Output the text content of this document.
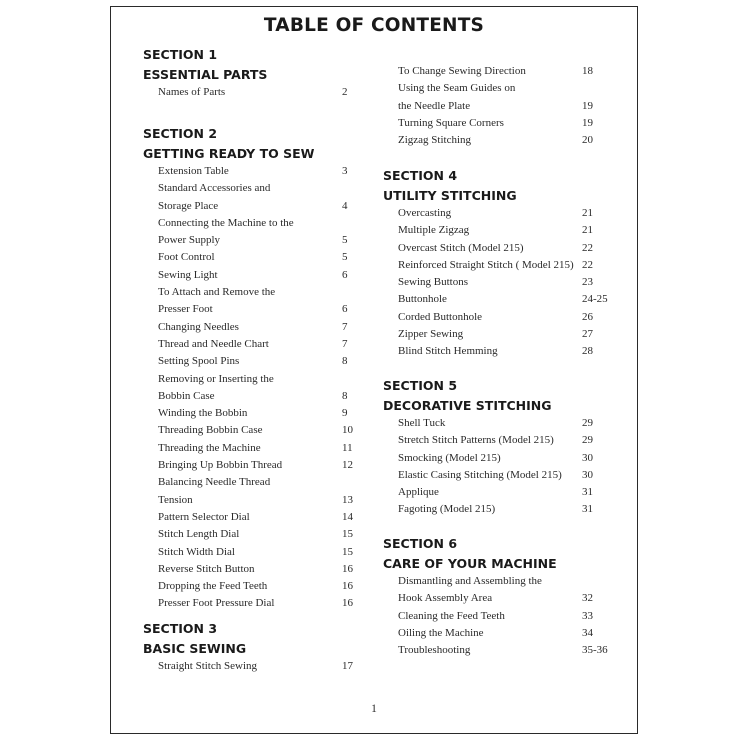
TABLE OF CONTENTS
SECTION 1
ESSENTIAL PARTS
Names of Parts	2
SECTION 2
GETTING READY TO SEW
Extension Table	3
Standard Accessories and
Storage Place	4
Connecting the Machine to the
Power Supply	5
Foot Control	5
Sewing Light	6
To Attach and Remove the
Presser Foot	6
Changing Needles	7
Thread and Needle Chart	7
Setting Spool Pins	8
Removing or Inserting the
Bobbin Case	8
Winding the Bobbin	9
Threading Bobbin Case	10
Threading the Machine	11
Bringing Up Bobbin Thread	12
Balancing Needle Thread
Tension	13
Pattern Selector Dial	14
Stitch Length Dial	15
Stitch Width Dial	15
Reverse Stitch Button	16
Dropping the Feed Teeth	16
Presser Foot Pressure Dial	16
SECTION 3
BASIC SEWING
Straight Stitch Sewing	17
To Change Sewing Direction	18
Using the Seam Guides on
the Needle Plate	19
Turning Square Corners	19
Zigzag Stitching	20
SECTION 4
UTILITY STITCHING
Overcasting	21
Multiple Zigzag	21
Overcast Stitch (Model 215)	22
Reinforced Straight Stitch ( Model 215) 22
Sewing Buttons	23
Buttonhole	24-25
Corded Buttonhole	26
Zipper Sewing	27
Blind Stitch Hemming	28
SECTION 5
DECORATIVE STITCHING
Shell Tuck	29
Stretch Stitch Patterns (Model 215)	29
Smocking (Model 215)	30
Elastic Casing Stitching (Model 215) 30
Applique	31
Fagoting (Model 215)	31
SECTION 6
CARE OF YOUR MACHINE
Dismantling and Assembling the
Hook Assembly Area	32
Cleaning the Feed Teeth	33
Oiling the Machine	34
Troubleshooting	35-36
1
